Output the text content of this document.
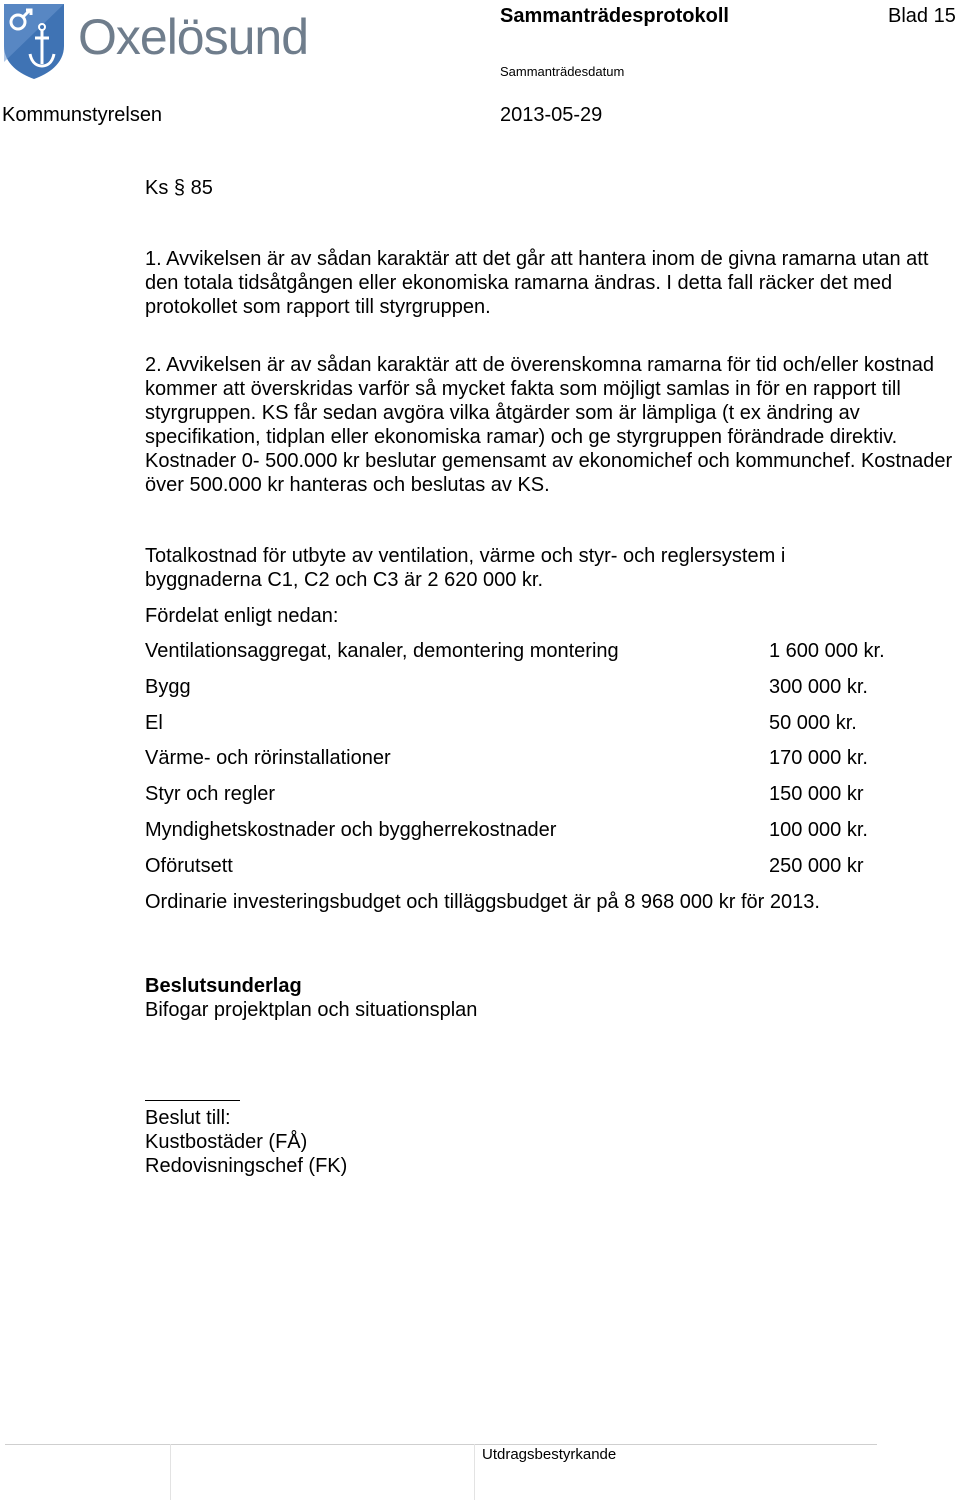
Oxelösund	Sammanträdesprotokoll	Blad 15
Sammanträdesdatum
Kommunstyrelsen	2013-05-29
Ks § 85
1. Avvikelsen är av sådan karaktär att det går att hantera inom de givna ramarna utan att den totala tidsåtgången eller ekonomiska ramarna ändras. I detta fall räcker det med protokollet som rapport till styrgruppen.
2. Avvikelsen är av sådan karaktär att de överenskomna ramarna för tid och/eller kostnad kommer att överskridas varför så mycket fakta som möjligt samlas in för en rapport till styrgruppen. KS får sedan avgöra vilka åtgärder som är lämpliga (t ex ändring av specifikation, tidplan eller ekonomiska ramar) och ge styrgruppen förändrade direktiv. Kostnader 0- 500.000 kr beslutar gemensamt av ekonomichef och kommunchef. Kostnader över 500.000 kr hanteras och beslutas av KS.
Totalkostnad för utbyte av ventilation, värme och styr- och reglersystem i byggnaderna C1, C2 och C3 är 2 620 000 kr.
Fördelat enligt nedan:
Ventilationsaggregat, kanaler, demontering montering	1 600 000 kr.
Bygg	300 000 kr.
El	50 000 kr.
Värme- och rörinstallationer	170 000 kr.
Styr och regler	150 000 kr
Myndighetskostnader och byggherrekostnader	100 000 kr.
Oförutsett	250 000 kr
Ordinarie investeringsbudget och tilläggsbudget är på 8 968 000 kr för 2013.
Beslutsunderlag
Bifogar projektplan och situationsplan
Beslut till:
Kustbostäder (FÅ)
Redovisningschef (FK)
Utdragsbestyrkande
